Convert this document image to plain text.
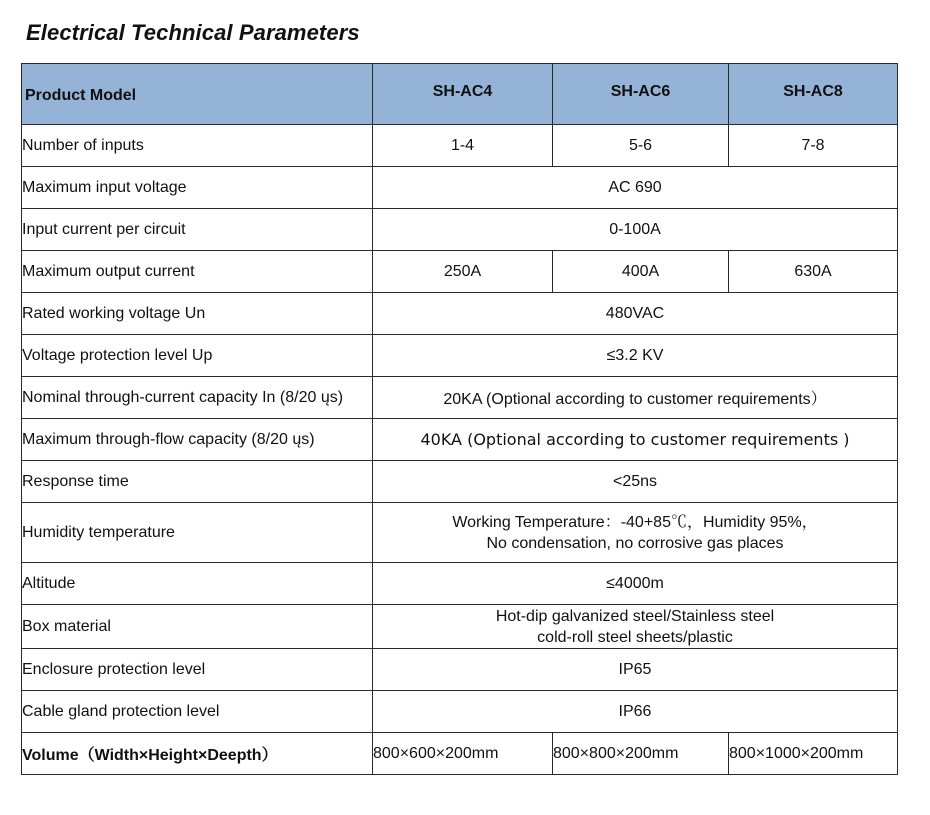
Electrical Technical Parameters
Product Model	SH-AC4	SH-AC6	SH-AC8
Number of inputs	1-4	5-6	7-8
Maximum input voltage	AC 690		
Input current per circuit	0-100A		
Maximum output current	250A	400A	630A
Rated working voltage Un	480VAC		
Voltage protection level Up	≤3.2 KV		
Nominal through-current capacity In (8/20 ųs)	20KA (Optional according to customer requirements）		
Maximum through-flow capacity (8/20 ųs)	40KA (Optional according to customer requirements )		
Response time	<25ns		
Humidity temperature	Working Temperature：-40+85℃，Humidity 95%，
No condensation, no corrosive gas places		

Altitude	≤4000m		
Box material	Hot-dip galvanized steel/Stainless steel
cold-roll steel sheets/plastic		

Enclosure protection level	IP65		
Cable gland protection level	IP66		
Volume（Width×Height×Deepth）	800×600×200mm	800×800×200mm	800×1000×200mm
